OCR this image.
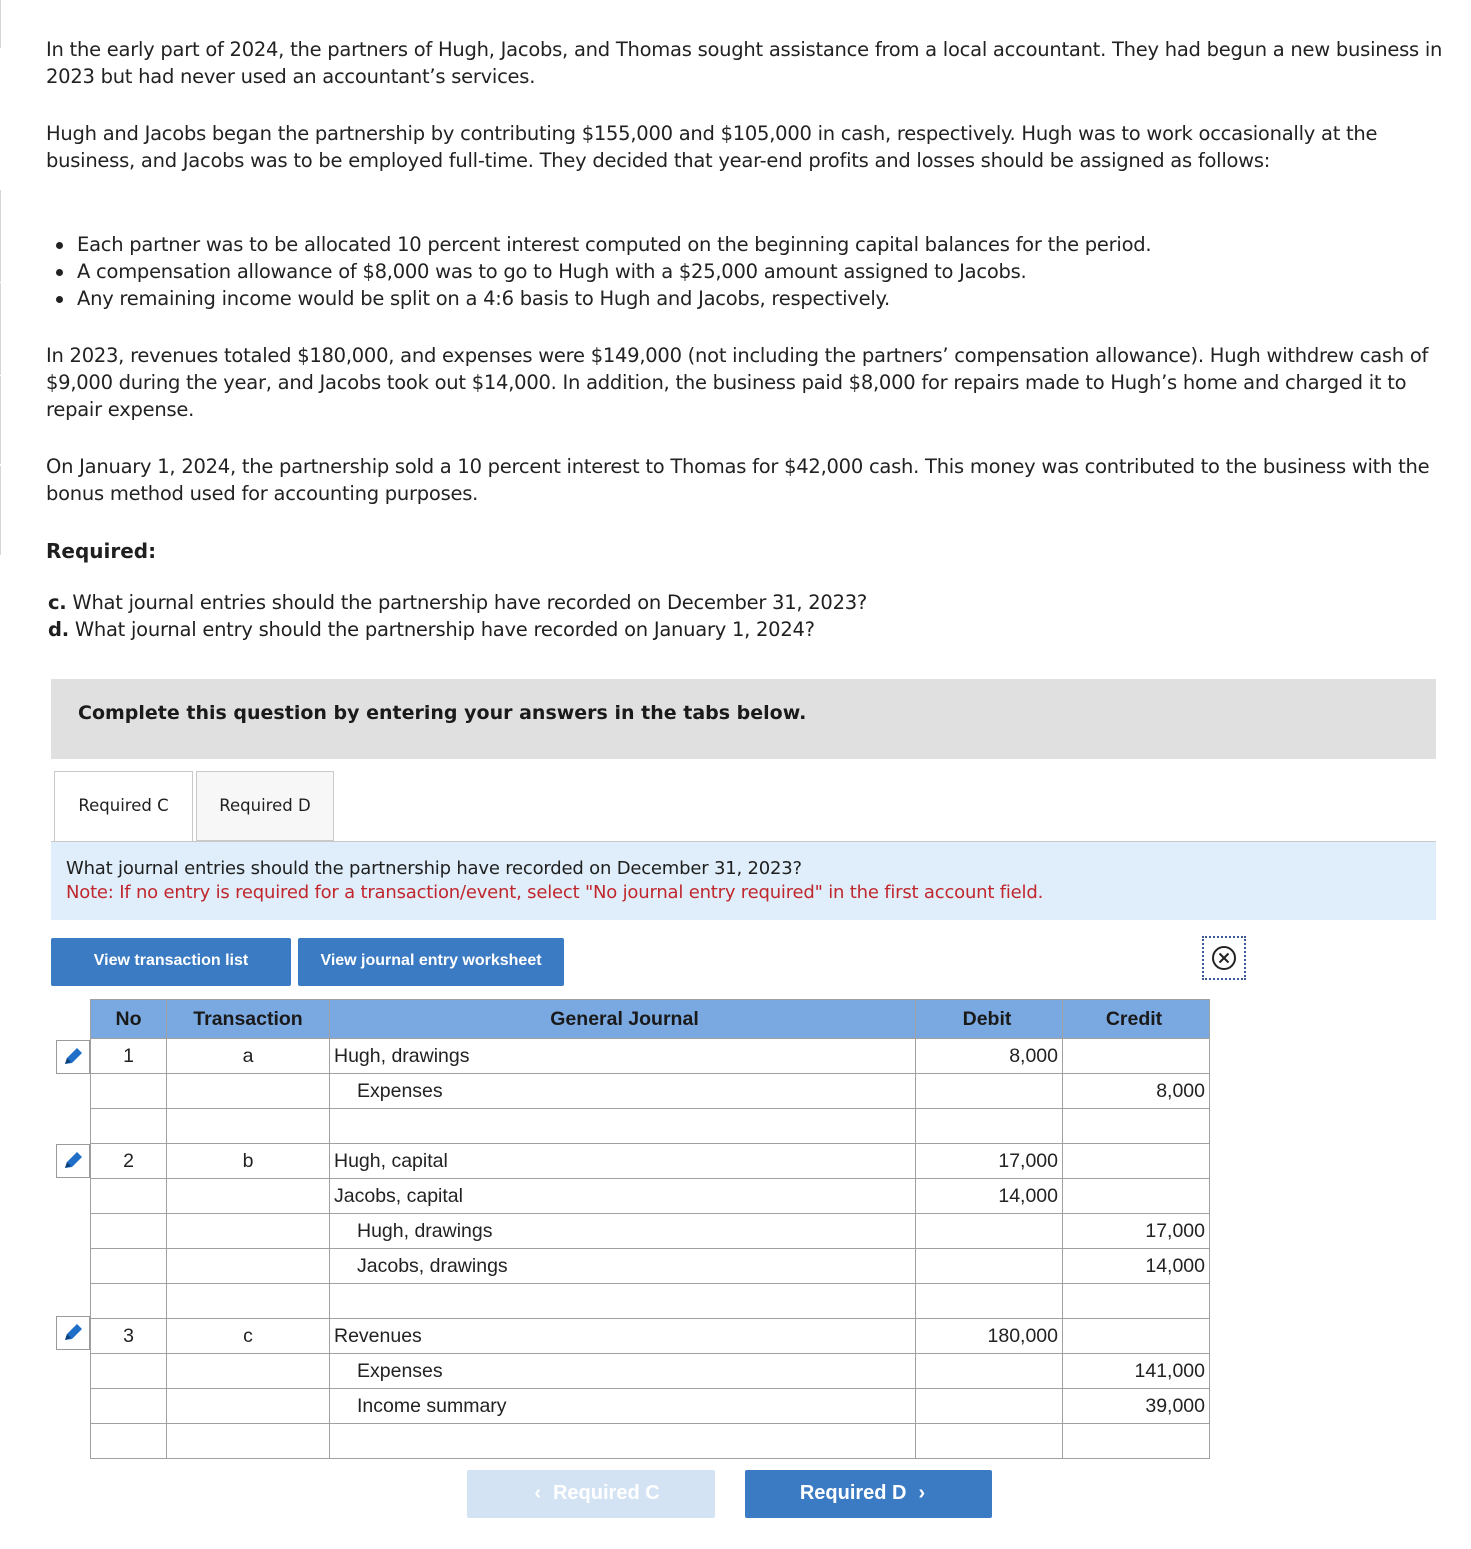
In the early part of 2024, the partners of Hugh, Jacobs, and Thomas sought assistance from a local accountant. They had begun a new business in 2023 but had never used an accountant’s services.

Hugh and Jacobs began the partnership by contributing $155,000 and $105,000 in cash, respectively. Hugh was to work occasionally at the business, and Jacobs was to be employed full-time. They decided that year-end profits and losses should be assigned as follows:

Each partner was to be allocated 10 percent interest computed on the beginning capital balances for the period.
A compensation allowance of $8,000 was to go to Hugh with a $25,000 amount assigned to Jacobs.
Any remaining income would be split on a 4:6 basis to Hugh and Jacobs, respectively.

In 2023, revenues totaled $180,000, and expenses were $149,000 (not including the partners’ compensation allowance). Hugh withdrew cash of $9,000 during the year, and Jacobs took out $14,000. In addition, the business paid $8,000 for repairs made to Hugh’s home and charged it to repair expense.

On January 1, 2024, the partnership sold a 10 percent interest to Thomas for $42,000 cash. This money was contributed to the business with the bonus method used for accounting purposes.

Required:
c. What journal entries should the partnership have recorded on December 31, 2023?
d. What journal entry should the partnership have recorded on January 1, 2024?
Complete this question by entering your answers in the tabs below.
Required C	Required D
What journal entries should the partnership have recorded on December 31, 2023?
Note: If no entry is required for a transaction/event, select "No journal entry required" in the first account field.
View transaction list	View journal entry worksheet
No	Transaction	General Journal	Debit	Credit
1	a	Hugh, drawings	8,000	
		Expenses		8,000

2	b	Hugh, capital	17,000	
		Jacobs, capital	14,000	
		Hugh, drawings		17,000
		Jacobs, drawings		14,000

3	c	Revenues	180,000	
		Expenses		141,000
		Income summary		39,000

‹ Required C	Required D ›
